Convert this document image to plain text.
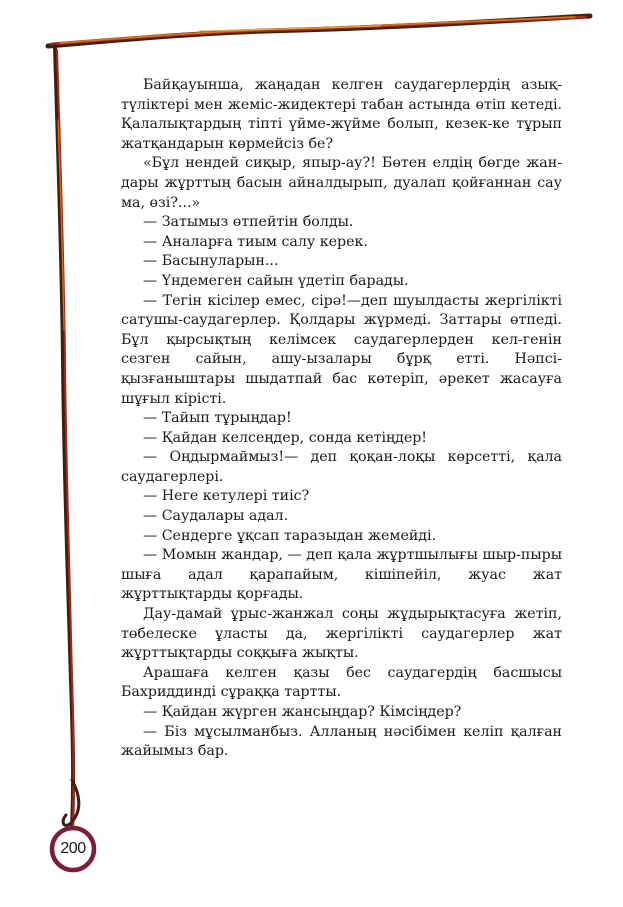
200

Байқауынша, жаңадан келген саудагерлердің азық-түліктері мен жеміс-жидектері табан астында өтіп кетеді. Қалалықтардың тіпті үйме-жүйме болып, кезек-ке тұрып жатқандарын көрмейсіз бе?

«Бұл нендей сиқыр, япыр-ау?! Бөтен елдің бөгде жан-дары жұрттың басын айналдырып, дуалап қойғаннан сау ма, өзі?...»

— Затымыз өтпейтін болды.

— Аналарға тиым салу керек.

— Басынуларын...

— Үндемеген сайын үдетіп барады.

— Тегін кісілер емес, сірә!—деп шуылдасты жергілікті сатушы-саудагерлер. Қолдары жүрмеді. Заттары өтпеді. Бұл қырсықтың келімсек саудагерлерден кел-генін сезген сайын, ашу-ызалары бұрқ етті. Нәпсі-қызғаныштары шыдатпай бас көтеріп, әрекет жасауға шұғыл кірісті.

— Тайып тұрыңдар!

— Қайдан келсеңдер, сонда кетіңдер!

— Оңдырмаймыз!— деп қоқан-лоқы көрсетті, қала саудагерлері.

— Неге кетулері тиіс?

— Саудалары адал.

— Сендерге ұқсап таразыдан жемейді.

— Момын жандар, — деп қала жұртшылығы шыр-пыры шыға адал қарапайым, кішіпейіл, жуас жат жұрттықтарды қорғады.

Дау-дамай ұрыс-жанжал соңы жұдырықтасуға жетіп, төбелеске ұласты да, жергілікті саудагерлер жат жұрттықтарды соққыға жықты.

Арашаға келген қазы бес саудагердің басшысы Бахриддинді сұраққа тартты.

— Қайдан жүрген жансыңдар? Кімсіңдер?

— Біз мұсылманбыз. Алланың нәсібімен келіп қалған жайымыз бар.
